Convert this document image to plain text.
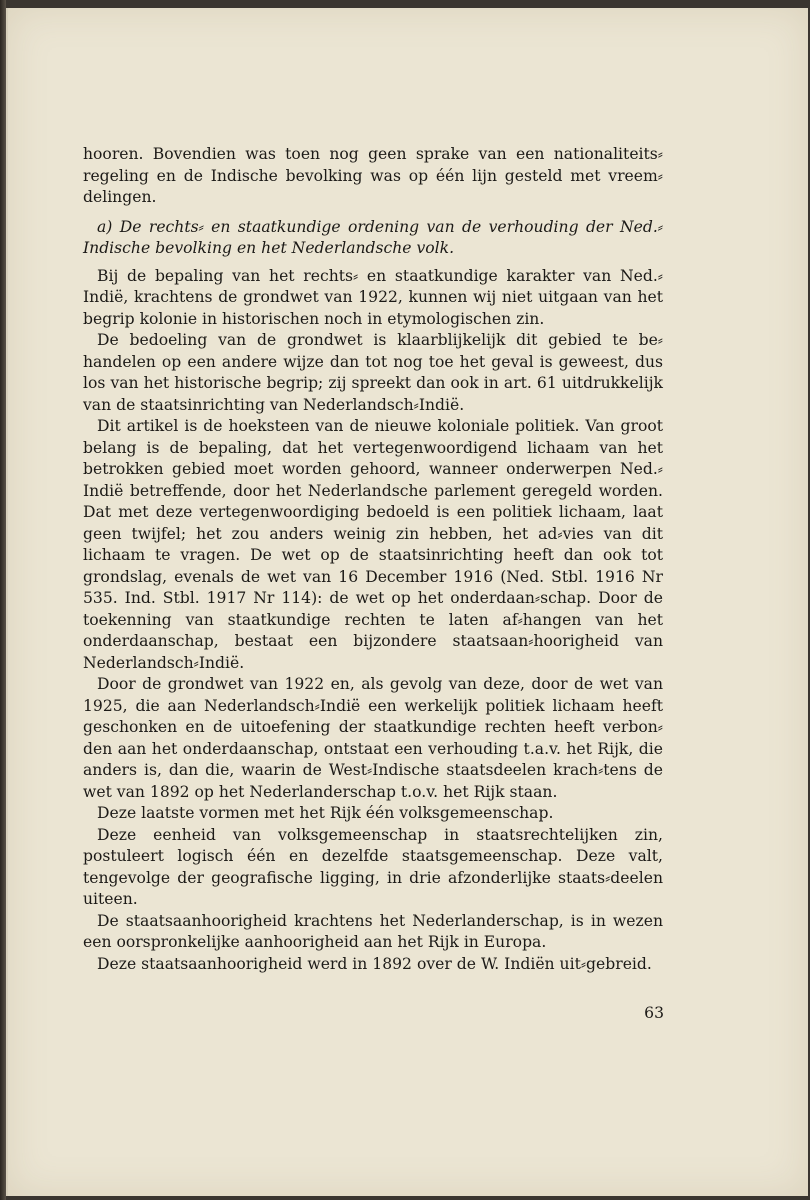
hooren. Bovendien was toen nog geen sprake van een nationaliteits⸗regeling en de Indische bevolking was op één lijn gesteld met vreem⸗delingen.

a) De rechts⸗ en staatkundige ordening van de verhouding der Ned.⸗Indische bevolking en het Nederlandsche volk.

Bij de bepaling van het rechts⸗ en staatkundige karakter van Ned.⸗Indië, krachtens de grondwet van 1922, kunnen wij niet uitgaan van het begrip kolonie in historischen noch in etymologischen zin.

De bedoeling van de grondwet is klaarblijkelijk dit gebied te be⸗handelen op een andere wijze dan tot nog toe het geval is geweest, dus los van het historische begrip; zij spreekt dan ook in art. 61 uitdrukkelijk van de staatsinrichting van Nederlandsch⸗Indië.

Dit artikel is de hoeksteen van de nieuwe koloniale politiek. Van groot belang is de bepaling, dat het vertegenwoordigend lichaam van het betrokken gebied moet worden gehoord, wanneer onderwerpen Ned.⸗Indië betreffende, door het Nederlandsche parlement geregeld worden. Dat met deze vertegenwoordiging bedoeld is een politiek lichaam, laat geen twijfel; het zou anders weinig zin hebben, het ad⸗vies van dit lichaam te vragen. De wet op de staatsinrichting heeft dan ook tot grondslag, evenals de wet van 16 December 1916 (Ned. Stbl. 1916 Nr 535. Ind. Stbl. 1917 Nr 114): de wet op het onderdaan⸗schap. Door de toekenning van staatkundige rechten te laten af⸗hangen van het onderdaanschap, bestaat een bijzondere staatsaan⸗hoorigheid van Nederlandsch⸗Indië.

Door de grondwet van 1922 en, als gevolg van deze, door de wet van 1925, die aan Nederlandsch⸗Indië een werkelijk politiek lichaam heeft geschonken en de uitoefening der staatkundige rechten heeft verbon⸗den aan het onderdaanschap, ontstaat een verhouding t.a.v. het Rijk, die anders is, dan die, waarin de West⸗Indische staatsdeelen krach⸗tens de wet van 1892 op het Nederlanderschap t.o.v. het Rijk staan.

Deze laatste vormen met het Rijk één volksgemeenschap.

Deze eenheid van volksgemeenschap in staatsrechtelijken zin, postuleert logisch één en dezelfde staatsgemeenschap. Deze valt, tengevolge der geografische ligging, in drie afzonderlijke staats⸗deelen uiteen.

De staatsaanhoorigheid krachtens het Nederlanderschap, is in wezen een oorspronkelijke aanhoorigheid aan het Rijk in Europa.

Deze staatsaanhoorigheid werd in 1892 over de W. Indiën uit⸗gebreid.

63
